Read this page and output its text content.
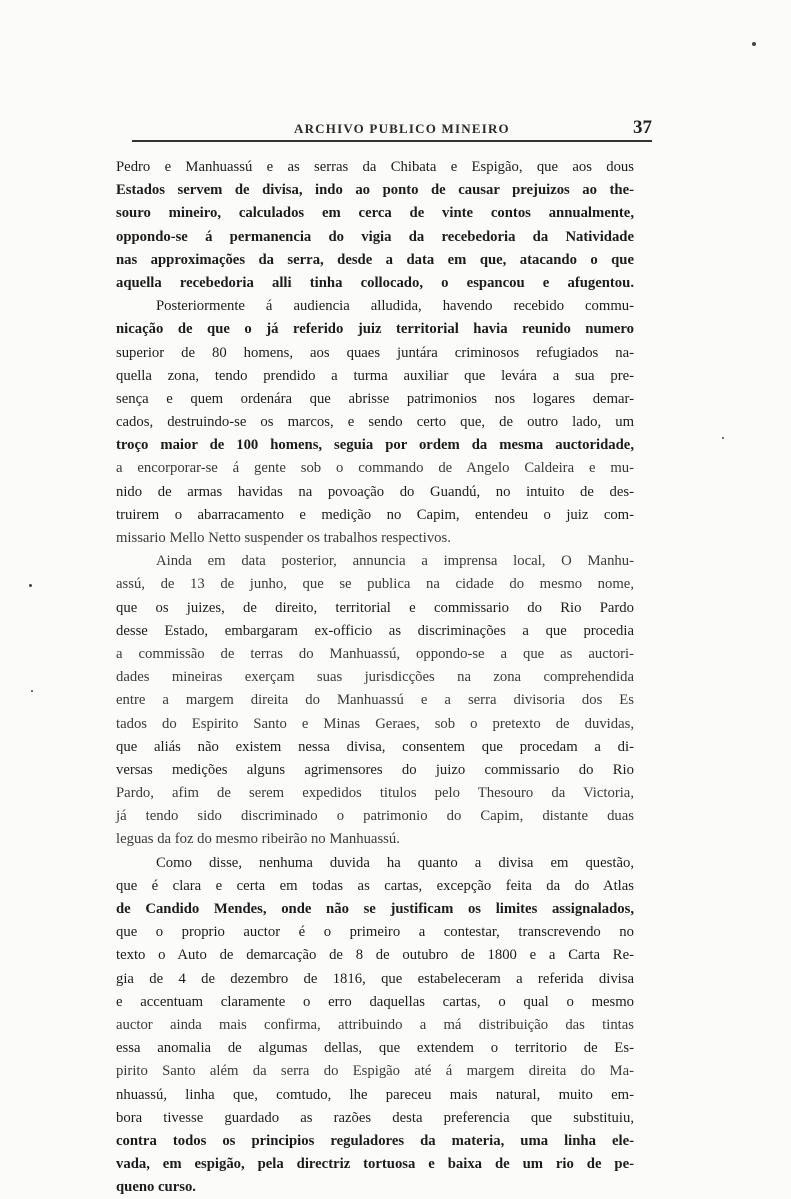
ARCHIVO PUBLICO MINEIRO	37
Pedro e Manhuassú e as serras da Chibata e Espigão, que aos dous
Estados servem de divisa, indo ao ponto de causar prejuizos ao the-
souro mineiro, calculados em cerca de vinte contos annualmente,
oppondo-se á permanencia do vigia da recebedoria da Natividade
nas approximações da serra, desde a data em que, atacando o que
aquella recebedoria alli tinha collocado, o espancou e afugentou.
Posteriormente á audiencia alludida, havendo recebido commu-
nicação de que o já referido juiz territorial havia reunido numero
superior de 80 homens, aos quaes juntára criminosos refugiados na-
quella zona, tendo prendido a turma auxiliar que levára a sua pre-
sença e quem ordenára que abrisse patrimonios nos logares demar-
cados, destruindo-se os marcos, e sendo certo que, de outro lado, um
troço maior de 100 homens, seguia por ordem da mesma auctoridade,
a encorporar-se á gente sob o commando de Angelo Caldeira e mu-
nido de armas havidas na povoação do Guandú, no intuito de des-
truirem o abarracamento e medição no Capim, entendeu o juiz com-
missario Mello Netto suspender os trabalhos respectivos.
Ainda em data posterior, annuncia a imprensa local, O Manhu-
assú, de 13 de junho, que se publica na cidade do mesmo nome,
que os juizes, de direito, territorial e commissario do Rio Pardo
desse Estado, embargaram ex-officio as discriminações a que procedia
a commissão de terras do Manhuassú, oppondo-se a que as auctori-
dades mineiras exerçam suas jurisdicções na zona comprehendida
entre a margem direita do Manhuassú e a serra divisoria dos Es
tados do Espirito Santo e Minas Geraes, sob o pretexto de duvidas,
que aliás não existem nessa divisa, consentem que procedam a di-
versas medições alguns agrimensores do juizo commissario do Rio
Pardo, afim de serem expedidos titulos pelo Thesouro da Victoria,
já tendo sido discriminado o patrimonio do Capim, distante duas
leguas da foz do mesmo ribeirão no Manhuassú.
Como disse, nenhuma duvida ha quanto a divisa em questão,
que é clara e certa em todas as cartas, excepção feita da do Atlas
de Candido Mendes, onde não se justificam os limites assignalados,
que o proprio auctor é o primeiro a contestar, transcrevendo no
texto o Auto de demarcação de 8 de outubro de 1800 e a Carta Re-
gia de 4 de dezembro de 1816, que estabeleceram a referida divisa
e accentuam claramente o erro daquellas cartas, o qual o mesmo
auctor ainda mais confirma, attribuindo a má distribuição das tintas
essa anomalia de algumas dellas, que extendem o territorio de Es-
pirito Santo além da serra do Espigão até á margem direita do Ma-
nhuassú, linha que, comtudo, lhe pareceu mais natural, muito em-
bora tivesse guardado as razões desta preferencia que substituiu,
contra todos os principios reguladores da materia, uma linha ele-
vada, em espigão, pela directriz tortuosa e baixa de um rio de pe-
queno curso.
